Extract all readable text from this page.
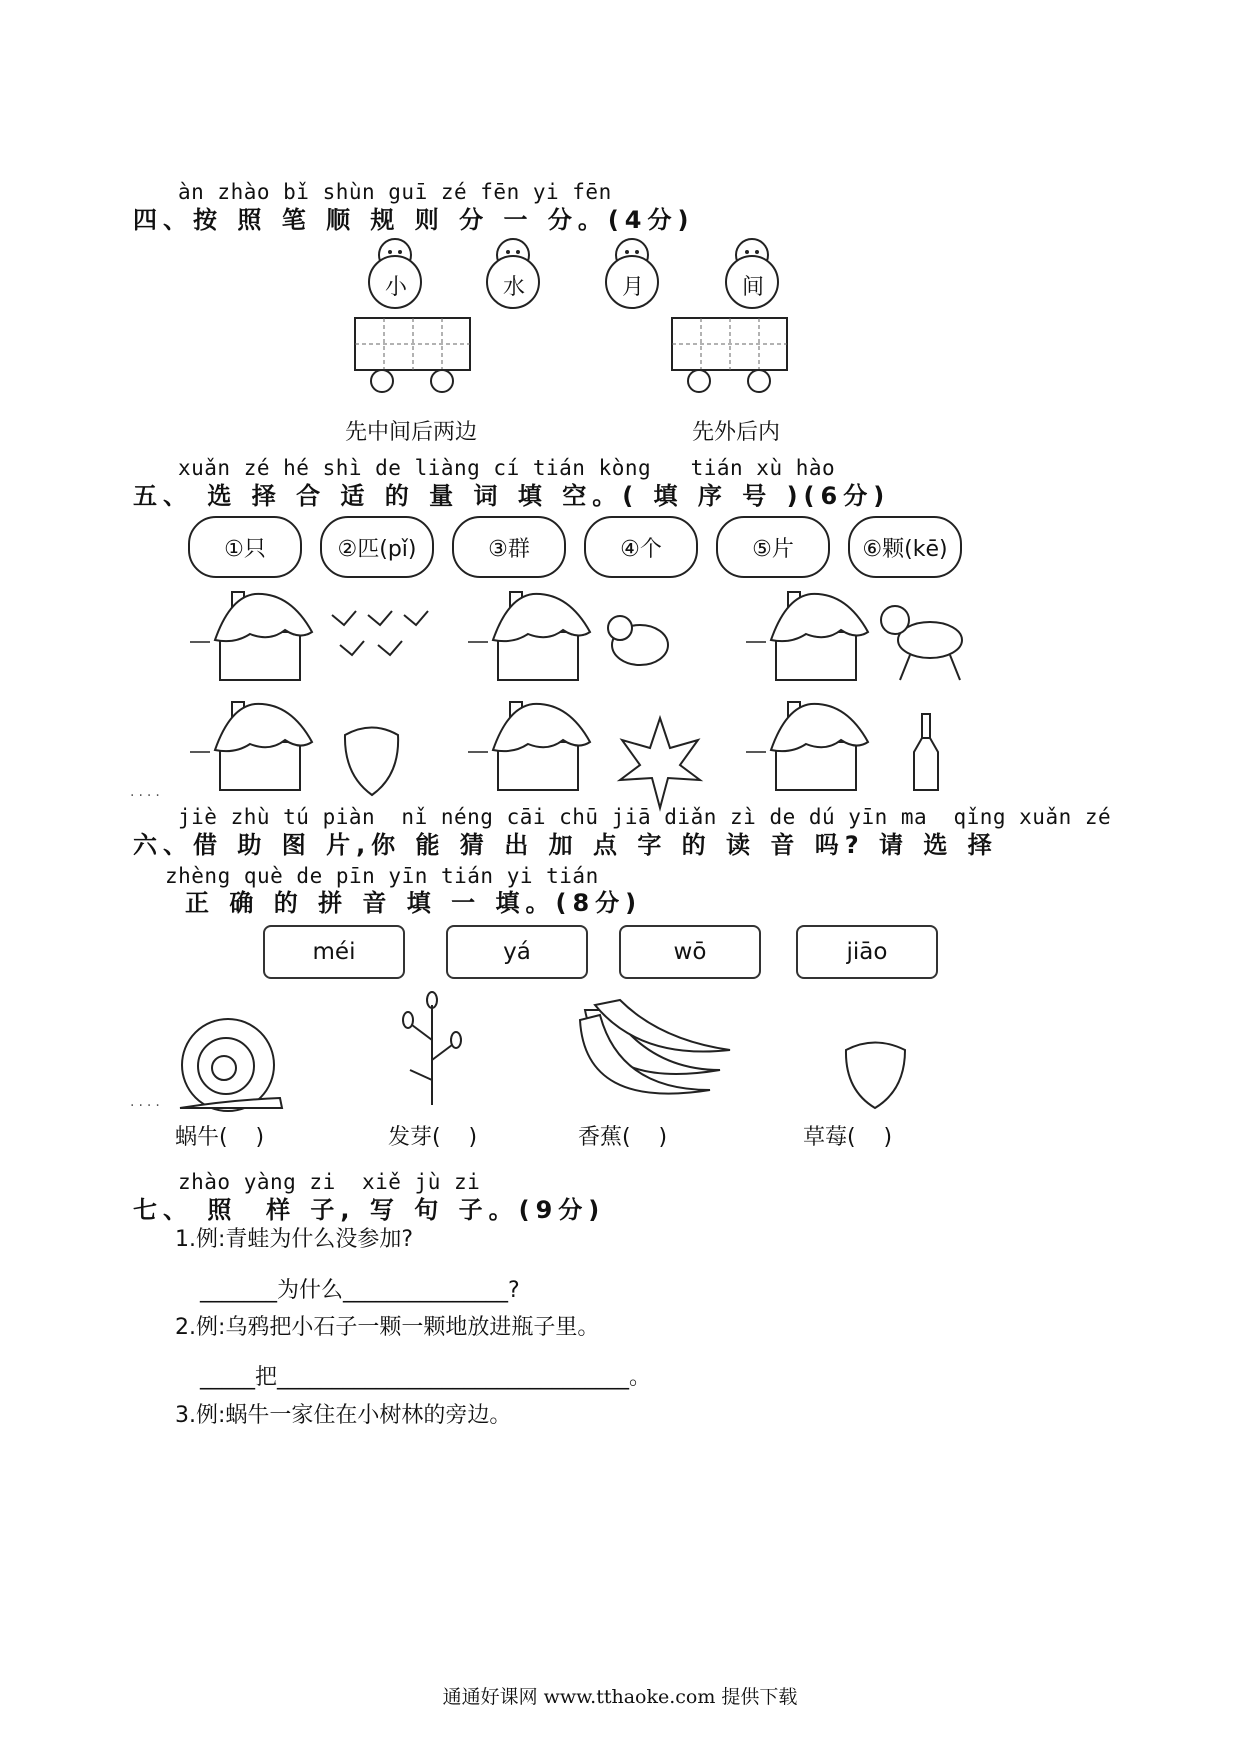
àn zhào bǐ shùn guī zé fēn yi fēn
四、按 照 笔 顺 规 则 分 一 分。(4分)
小	水	月	间
先中间后两边	先外后内
xuǎn zé hé shì de liàng cí tián kòng   tián xù hào
五、 选 择 合 适 的 量 词 填 空。( 填 序 号 )(6分)
①只	②匹(pǐ)	③群	④个	⑤片	⑥颗(kē)
····
jiè zhù tú piàn  nǐ néng cāi chū jiā diǎn zì de dú yīn ma  qǐng xuǎn zé
六、借 助 图 片,你 能 猜 出 加 点 字 的 读 音 吗? 请 选 择
zhèng què de pīn yīn tián yi tián
正 确 的 拼 音 填 一 填。(8分)
méi	yá	wō	jiāo
····
蜗牛(    )	发芽(    )	香蕉(    )	草莓(    )
zhào yàng zi  xiě jù zi
七、 照  样 子, 写 句 子。(9分)
1.例:青蛙为什么没参加?
_______为什么_______________?
2.例:乌鸦把小石子一颗一颗地放进瓶子里。
_____把________________________________。
3.例:蜗牛一家住在小树林的旁边。
通通好课网 www.tthaoke.com 提供下载
